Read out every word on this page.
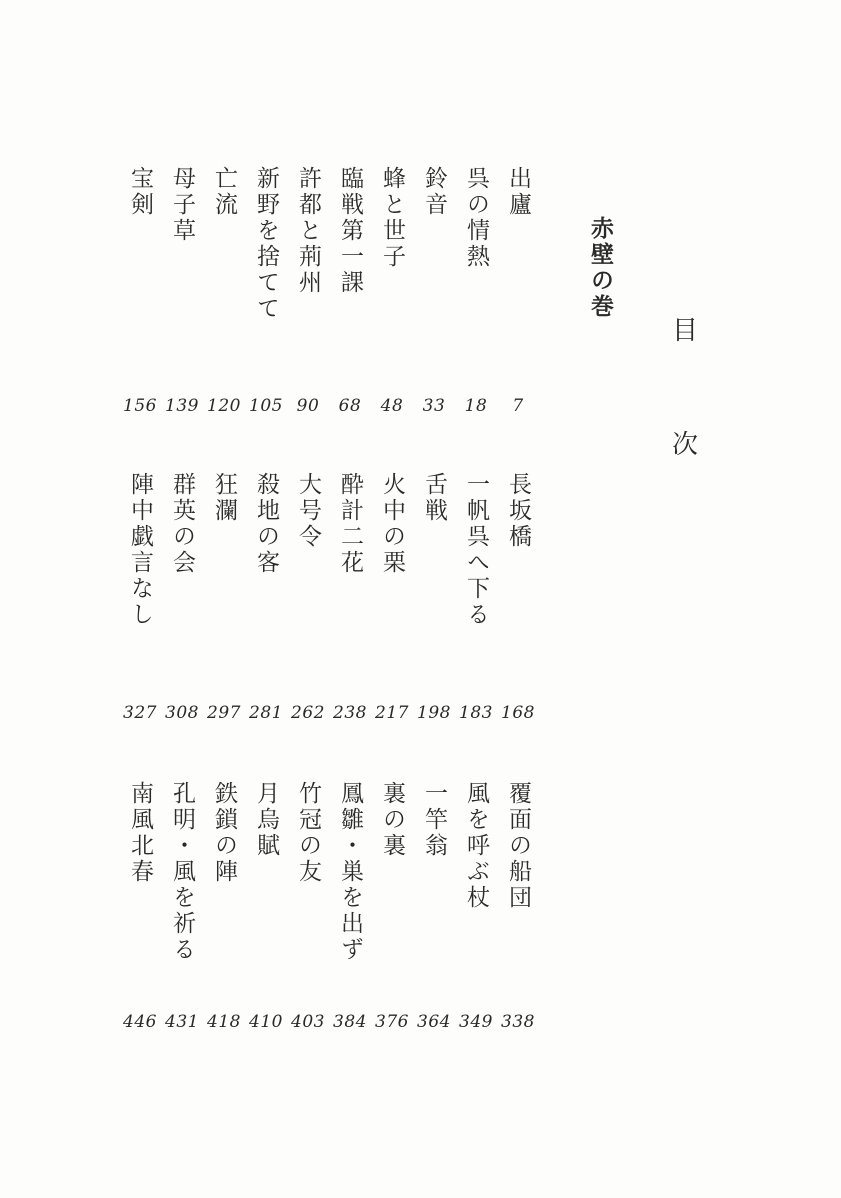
目
次
赤壁の巻
出廬
7
呉の情熱
18
鈴音
33
蜂と世子
48
臨戦第一課
68
許都と荊州
90
新野を捨てて
105
亡流
120
母子草
139
宝剣
156
長坂橋
168
一帆呉へ下る
183
舌戦
198
火中の栗
217
酔計二花
238
大号令
262
殺地の客
281
狂瀾
297
群英の会
308
陣中戯言なし
327
覆面の船団
338
風を呼ぶ杖
349
一竿翁
364
裏の裏
376
鳳雛・巣を出ず
384
竹冠の友
403
月烏賦
410
鉄鎖の陣
418
孔明・風を祈る
431
南風北春
446
